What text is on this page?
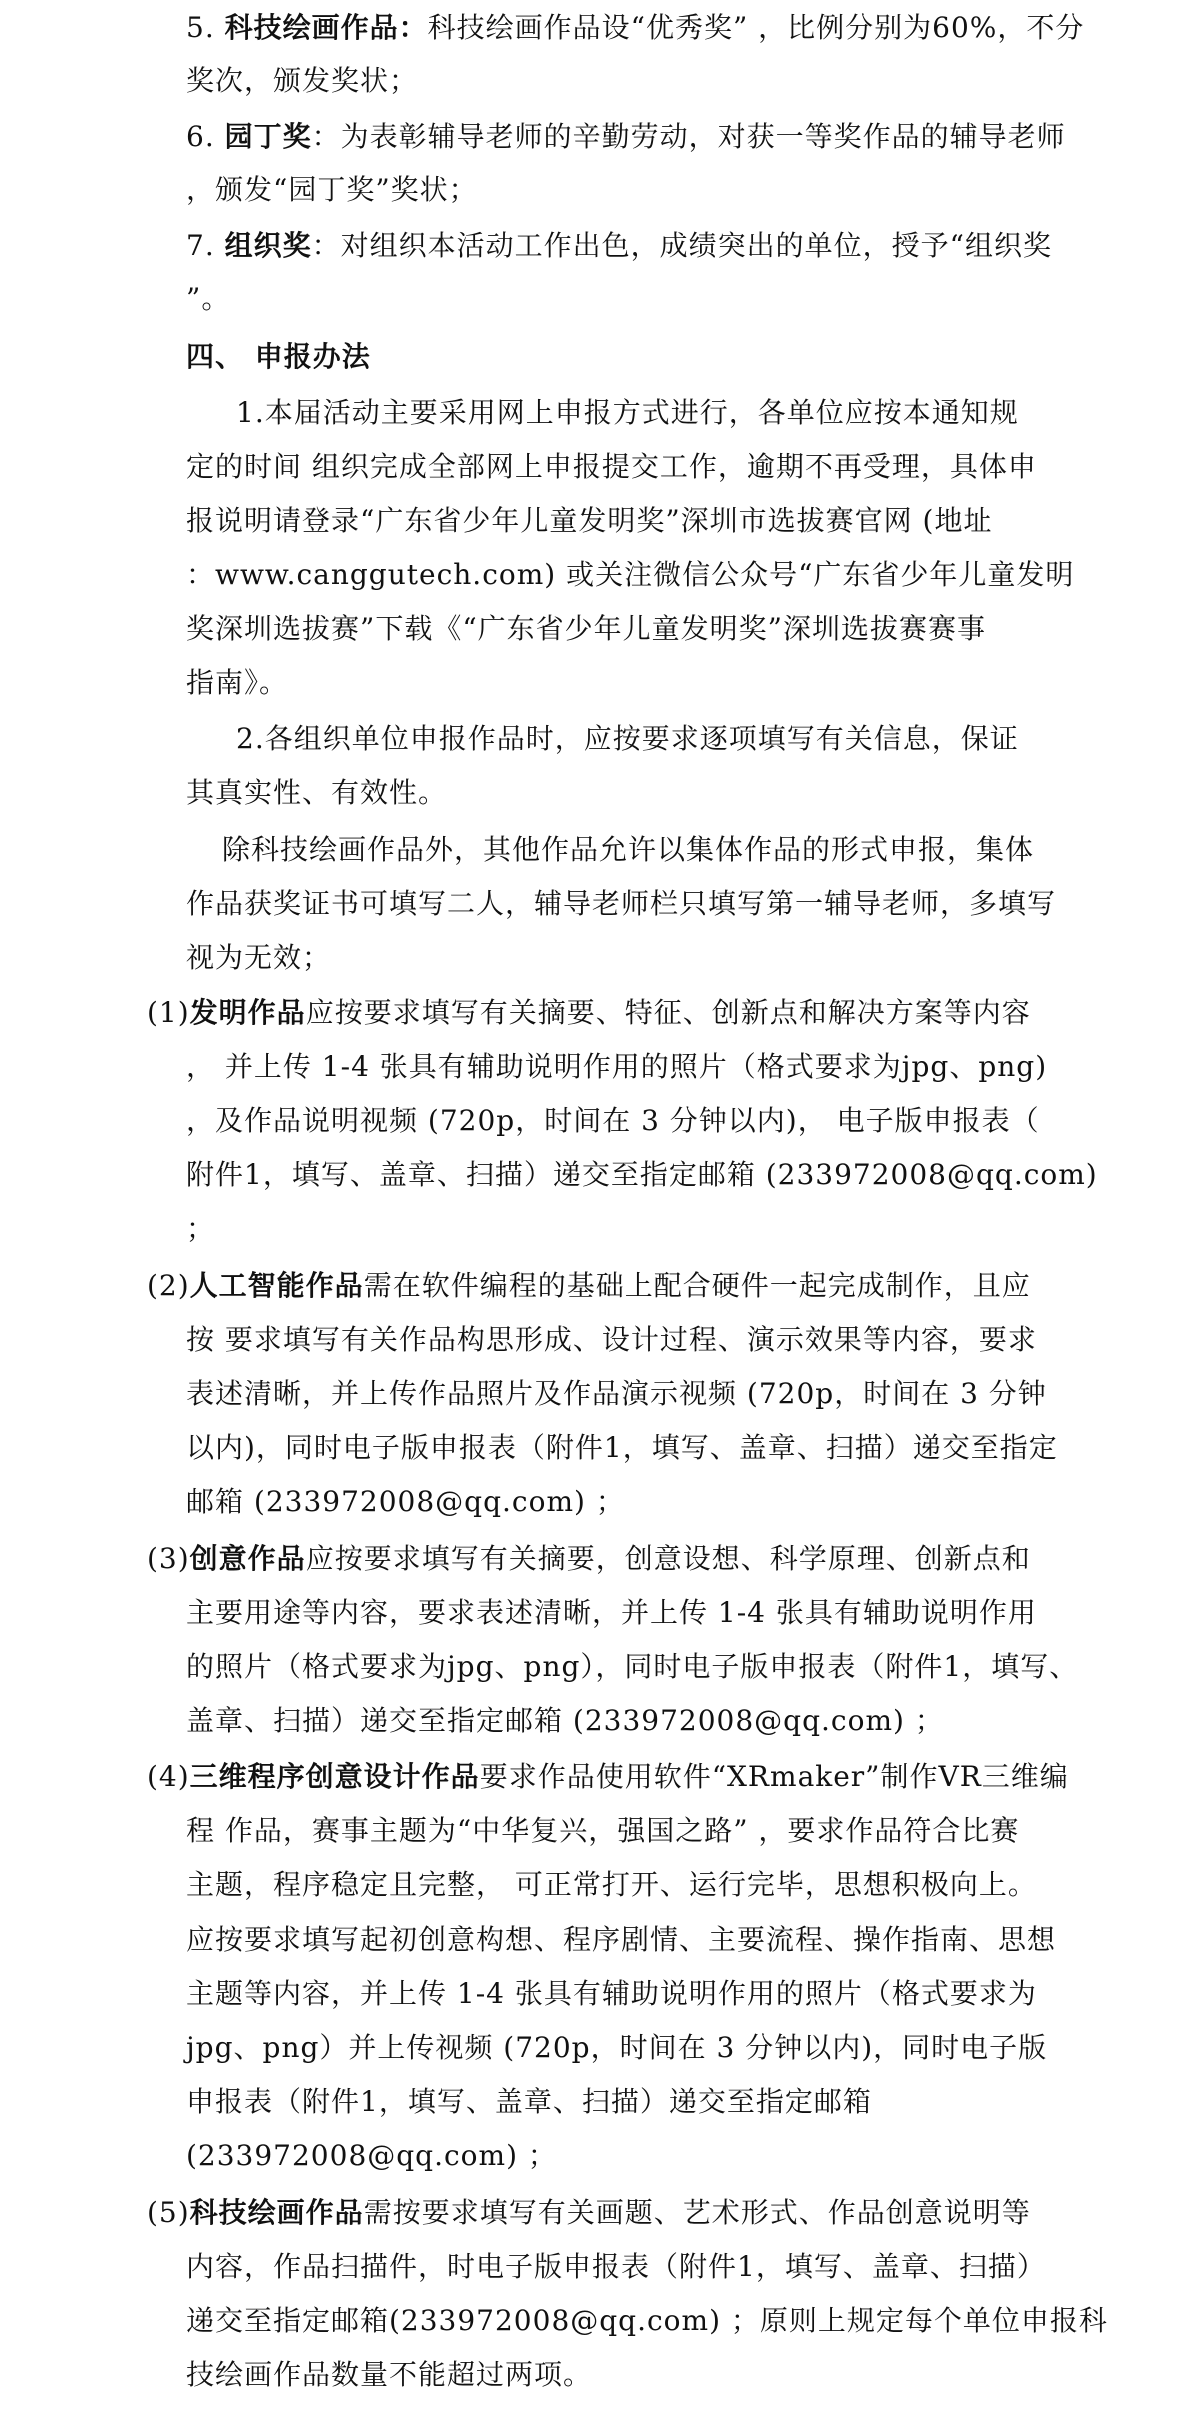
5. 科技绘画作品：科技绘画作品设“优秀奖” ，比例分别为60%，不分
奖次，颁发奖状；
6. 园丁奖：为表彰辅导老师的辛勤劳动，对获一等奖作品的辅导老师
，颁发“园丁奖”奖状；
7. 组织奖：对组织本活动工作出色，成绩突出的单位，授予“组织奖
”。
四、 申报办法
1.本届活动主要采用网上申报方式进行，各单位应按本通知规
定的时间 组织完成全部网上申报提交工作，逾期不再受理，具体申
报说明请登录“广东省少年儿童发明奖”深圳市选拔赛官网 (地址
：www.canggutech.com) 或关注微信公众号“广东省少年儿童发明
奖深圳选拔赛”下载《“广东省少年儿童发明奖”深圳选拔赛赛事
指南》。
2.各组织单位申报作品时，应按要求逐项填写有关信息，保证
其真实性、有效性。
除科技绘画作品外，其他作品允许以集体作品的形式申报，集体
作品获奖证书可填写二人，辅导老师栏只填写第一辅导老师，多填写
视为无效；
(1)发明作品应按要求填写有关摘要、特征、创新点和解决方案等内容
， 并上传 1-4 张具有辅助说明作用的照片（格式要求为jpg、png)
，及作品说明视频 (720p，时间在 3 分钟以内)， 电子版申报表（
附件1，填写、盖章、扫描）递交至指定邮箱 (233972008@qq.com)
；
(2)人工智能作品需在软件编程的基础上配合硬件一起完成制作，且应
按 要求填写有关作品构思形成、设计过程、演示效果等内容，要求
表述清晰，并上传作品照片及作品演示视频 (720p，时间在 3 分钟
以内)，同时电子版申报表（附件1，填写、盖章、扫描）递交至指定
邮箱 (233972008@qq.com) ；
(3)创意作品应按要求填写有关摘要，创意设想、科学原理、创新点和
主要用途等内容，要求表述清晰，并上传 1-4 张具有辅助说明作用
的照片（格式要求为jpg、png），同时电子版申报表（附件1，填写、
盖章、扫描）递交至指定邮箱 (233972008@qq.com) ；
(4)三维程序创意设计作品要求作品使用软件“XRmaker”制作VR三维编
程 作品，赛事主题为“中华复兴，强国之路” ，要求作品符合比赛
主题，程序稳定且完整， 可正常打开、运行完毕，思想积极向上。
应按要求填写起初创意构想、程序剧情、主要流程、操作指南、思想
主题等内容，并上传 1-4 张具有辅助说明作用的照片（格式要求为
jpg、png）并上传视频 (720p，时间在 3 分钟以内)，同时电子版
申报表（附件1，填写、盖章、扫描）递交至指定邮箱
(233972008@qq.com) ；
(5)科技绘画作品需按要求填写有关画题、艺术形式、作品创意说明等
内容，作品扫描件，时电子版申报表（附件1，填写、盖章、扫描）
递交至指定邮箱(233972008@qq.com) ；原则上规定每个单位申报科
技绘画作品数量不能超过两项。
